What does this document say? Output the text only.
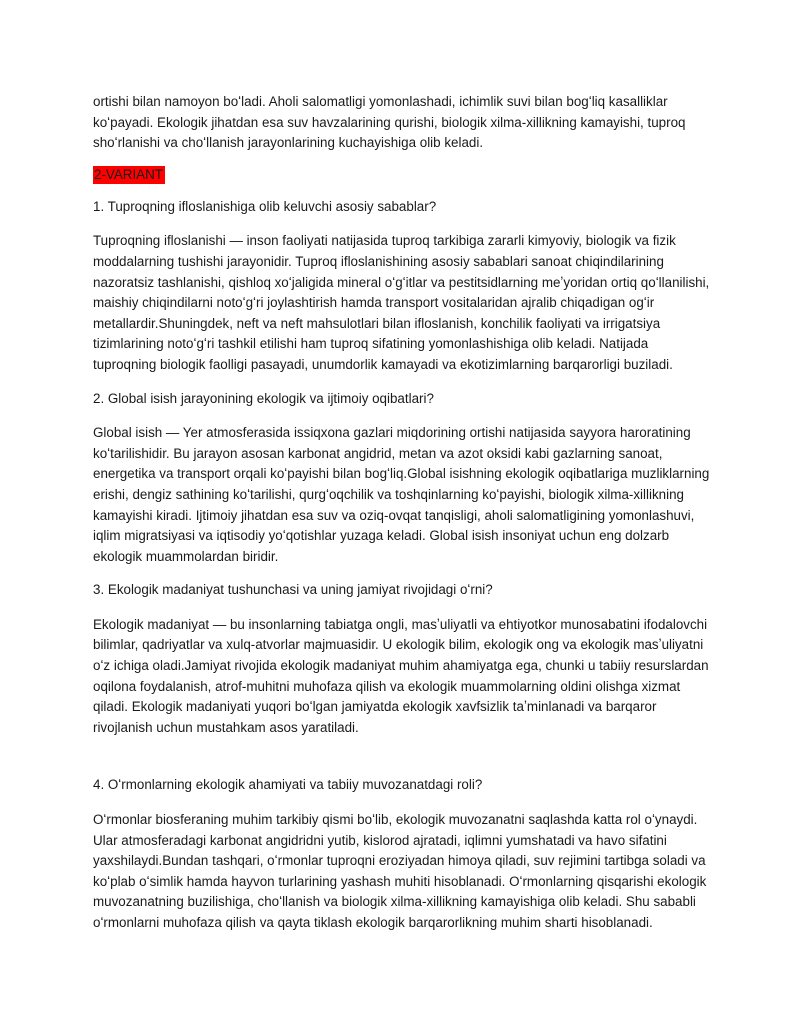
ortishi bilan namoyon boʻladi. Aholi salomatligi yomonlashadi, ichimlik suvi bilan bogʻliq kasalliklar koʻpayadi. Ekologik jihatdan esa suv havzalarining qurishi, biologik xilma-xillikning kamayishi, tuproq shoʻrlanishi va choʻllanish jarayonlarining kuchayishiga olib keladi.

2-VARIANT

1. Tuproqning ifloslanishiga olib keluvchi asosiy sabablar?

Tuproqning ifloslanishi — inson faoliyati natijasida tuproq tarkibiga zararli kimyoviy, biologik va fizik moddalarning tushishi jarayonidir. Tuproq ifloslanishining asosiy sabablari sanoat chiqindilarining nazoratsiz tashlanishi, qishloq xoʻjaligida mineral oʻgʻitlar va pestitsidlarning meʼyoridan ortiq qoʻllanilishi, maishiy chiqindilarni notoʻgʻri joylashtirish hamda transport vositalaridan ajralib chiqadigan ogʻir metallardir.Shuningdek, neft va neft mahsulotlari bilan ifloslanish, konchilik faoliyati va irrigatsiya tizimlarining notoʻgʻri tashkil etilishi ham tuproq sifatining yomonlashishiga olib keladi. Natijada tuproqning biologik faolligi pasayadi, unumdorlik kamayadi va ekotizimlarning barqarorligi buziladi.

2. Global isish jarayonining ekologik va ijtimoiy oqibatlari?

Global isish — Yer atmosferasida issiqxona gazlari miqdorining ortishi natijasida sayyora haroratining koʻtarilishidir. Bu jarayon asosan karbonat angidrid, metan va azot oksidi kabi gazlarning sanoat, energetika va transport orqali koʻpayishi bilan bogʻliq.Global isishning ekologik oqibatlariga muzliklarning erishi, dengiz sathining koʻtarilishi, qurgʻoqchilik va toshqinlarning koʻpayishi, biologik xilma-xillikning kamayishi kiradi. Ijtimoiy jihatdan esa suv va oziq-ovqat tanqisligi, aholi salomatligining yomonlashuvi, iqlim migratsiyasi va iqtisodiy yoʻqotishlar yuzaga keladi. Global isish insoniyat uchun eng dolzarb ekologik muammolardan biridir.

3. Ekologik madaniyat tushunchasi va uning jamiyat rivojidagi oʻrni?

Ekologik madaniyat — bu insonlarning tabiatga ongli, masʼuliyatli va ehtiyotkor munosabatini ifodalovchi bilimlar, qadriyatlar va xulq-atvorlar majmuasidir. U ekologik bilim, ekologik ong va ekologik masʼuliyatni oʻz ichiga oladi.Jamiyat rivojida ekologik madaniyat muhim ahamiyatga ega, chunki u tabiiy resurslardan oqilona foydalanish, atrof-muhitni muhofaza qilish va ekologik muammolarning oldini olishga xizmat qiladi. Ekologik madaniyati yuqori boʻlgan jamiyatda ekologik xavfsizlik taʼminlanadi va barqaror rivojlanish uchun mustahkam asos yaratiladi.

4. Oʻrmonlarning ekologik ahamiyati va tabiiy muvozanatdagi roli?

Oʻrmonlar biosferaning muhim tarkibiy qismi boʻlib, ekologik muvozanatni saqlashda katta rol oʻynaydi. Ular atmosferadagi karbonat angidridni yutib, kislorod ajratadi, iqlimni yumshatadi va havo sifatini yaxshilaydi.Bundan tashqari, oʻrmonlar tuproqni eroziyadan himoya qiladi, suv rejimini tartibga soladi va koʻplab oʻsimlik hamda hayvon turlarining yashash muhiti hisoblanadi. Oʻrmonlarning qisqarishi ekologik muvozanatning buzilishiga, choʻllanish va biologik xilma-xillikning kamayishiga olib keladi. Shu sababli oʻrmonlarni muhofaza qilish va qayta tiklash ekologik barqarorlikning muhim sharti hisoblanadi.
